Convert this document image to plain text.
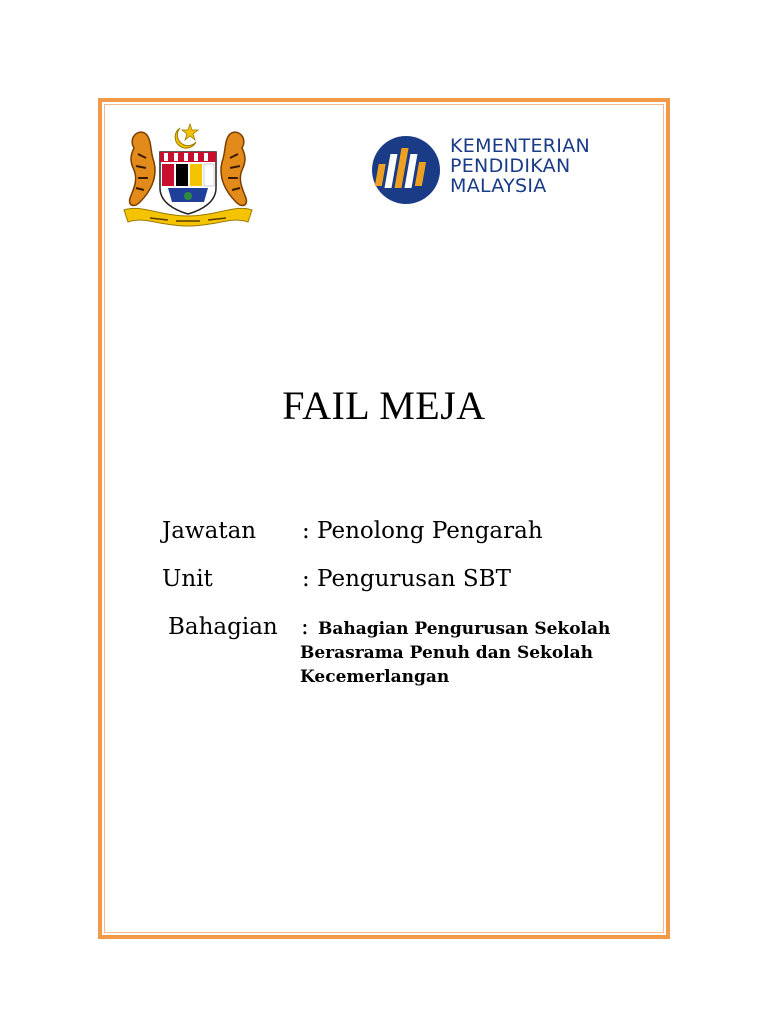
KEMENTERIAN
PENDIDIKAN
MALAYSIA
FAIL MEJA
Jawatan : Penolong Pengarah
Unit	: Pengurusan SBT
Bahagian : Bahagian Pengurusan Sekolah
Berasrama Penuh dan Sekolah
Kecemerlangan
